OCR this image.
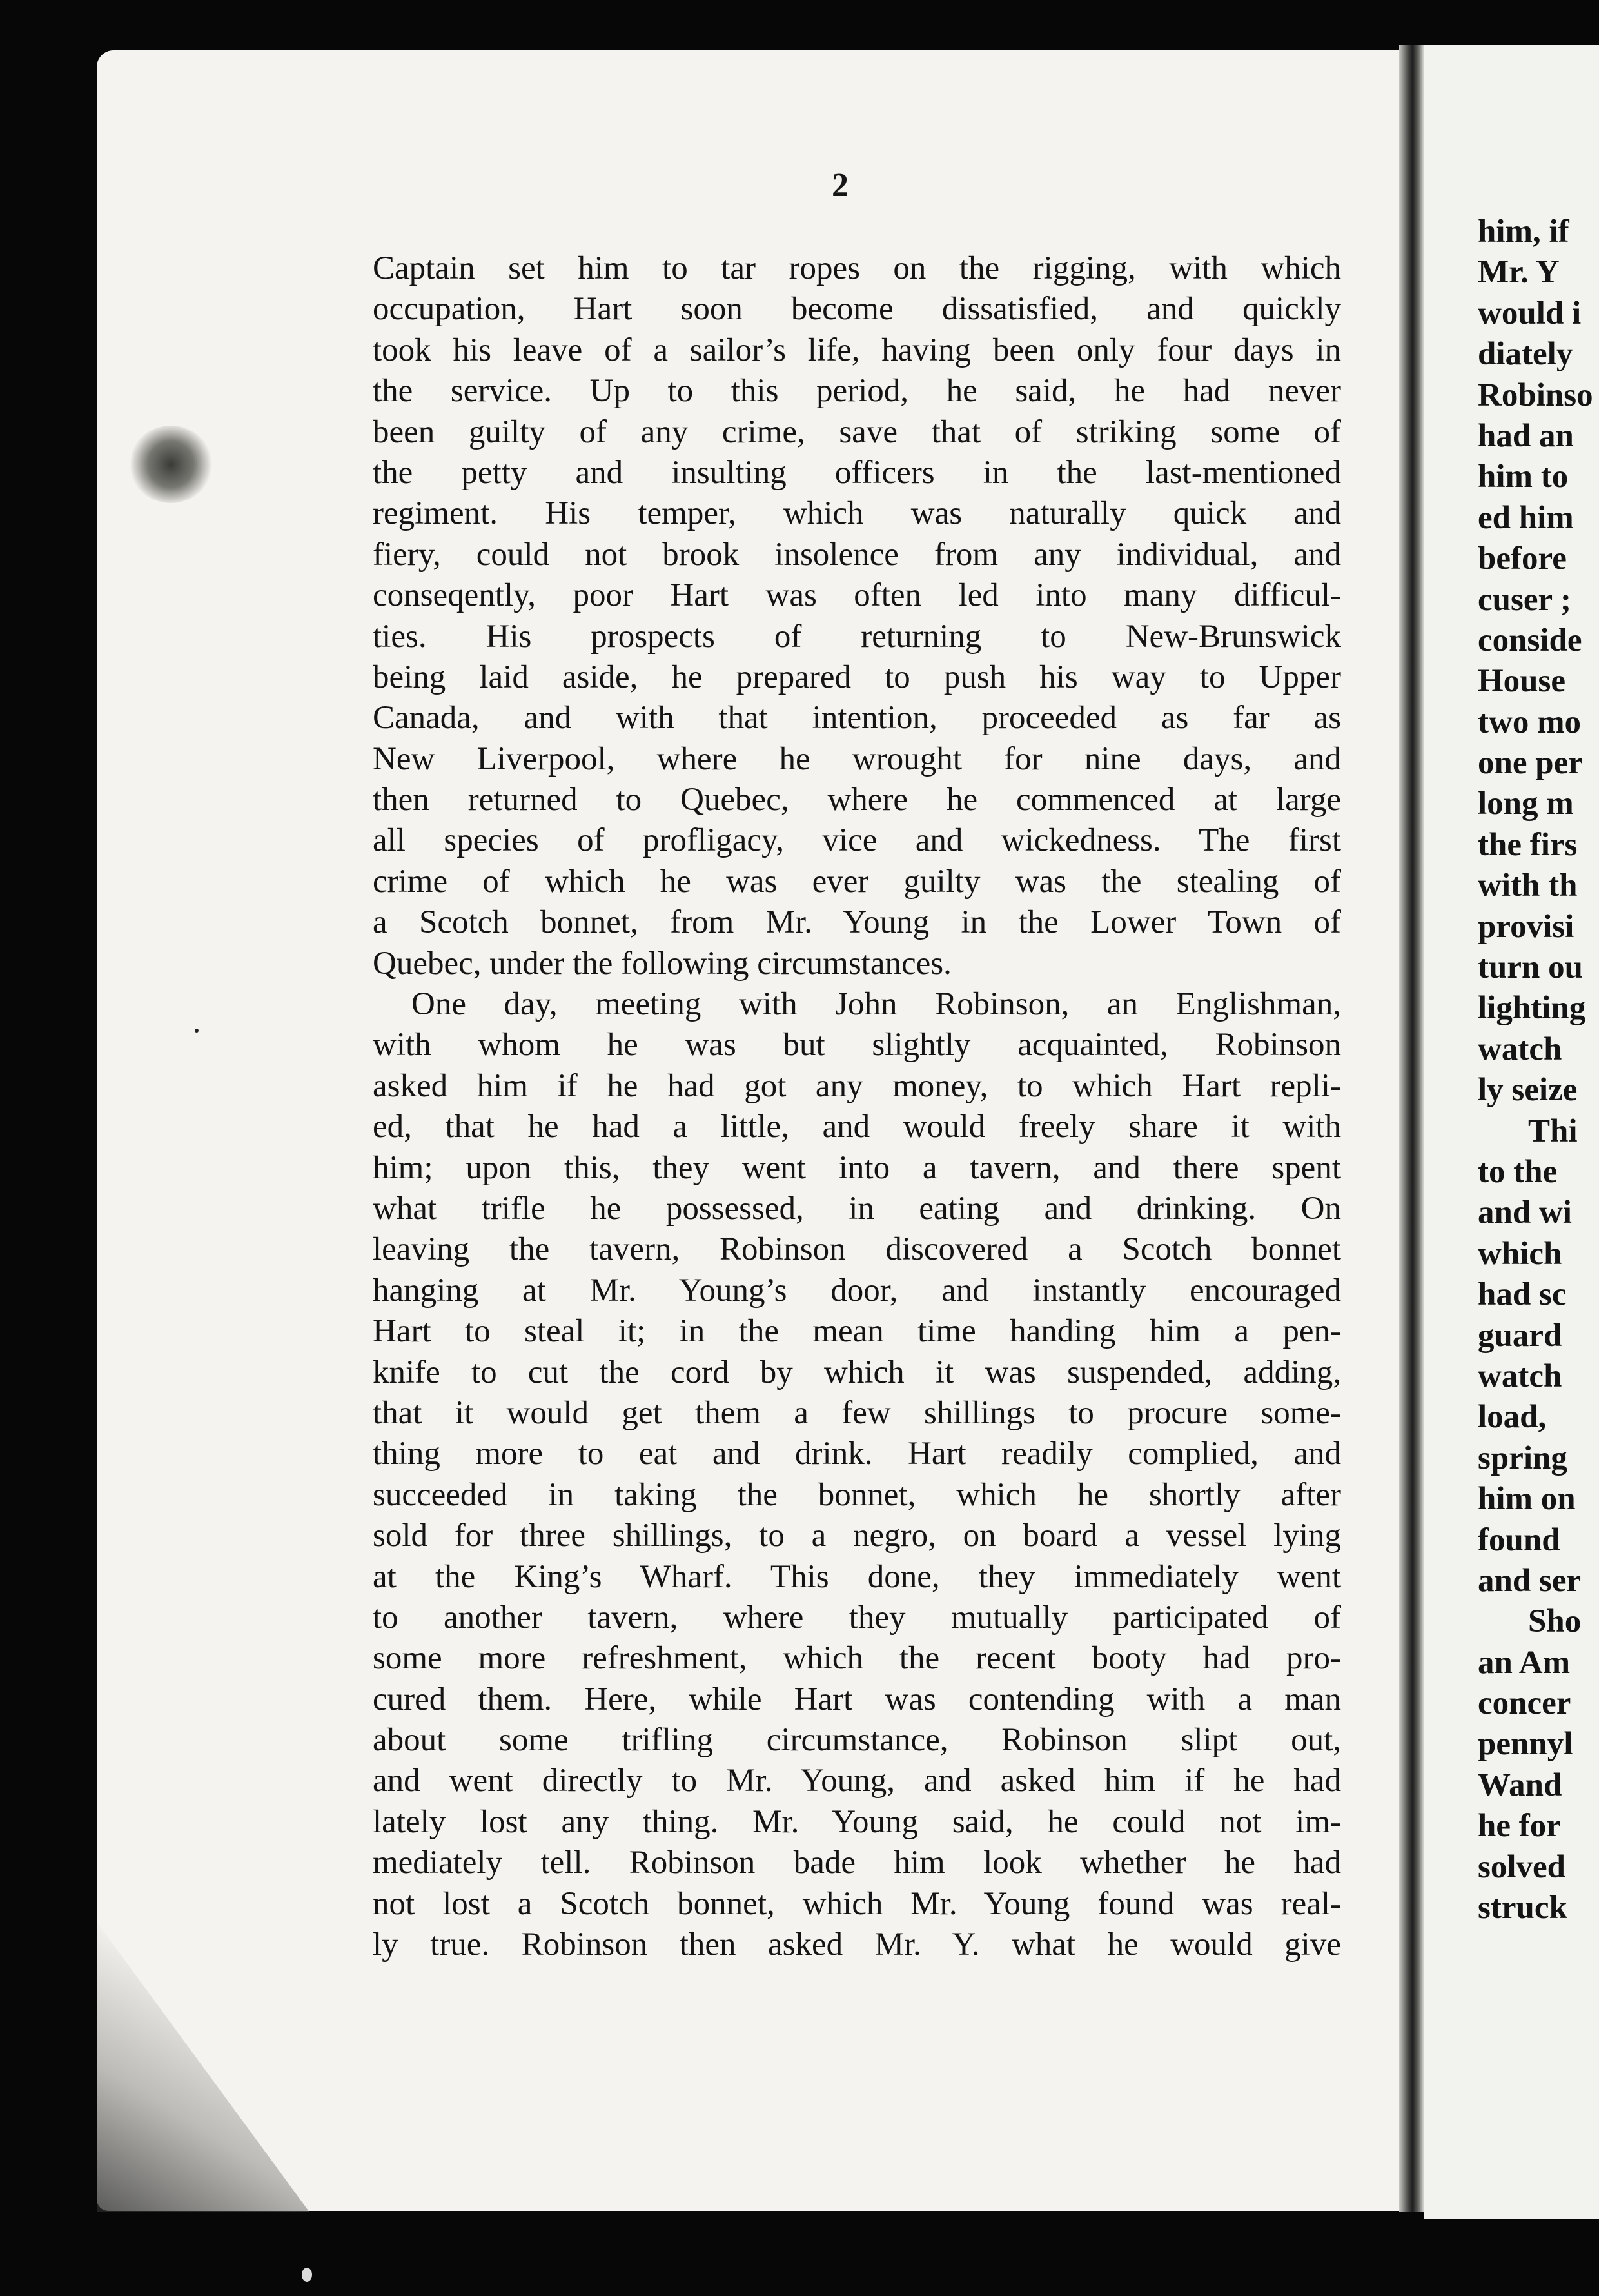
2
Captain set him to tar ropes on the rigging, with which
occupation, Hart soon become dissatisfied, and quickly
took his leave of a sailor’s life, having been only four days in
the service. Up to this period, he said, he had never
been guilty of any crime, save that of striking some of
the petty and insulting officers in the last-mentioned
regiment. His temper, which was naturally quick and
fiery, could not brook insolence from any individual, and
conseqently, poor Hart was often led into many difficul-
ties. His prospects of returning to New-Brunswick
being laid aside, he prepared to push his way to Upper
Canada, and with that intention, proceeded as far as
New Liverpool, where he wrought for nine days, and
then returned to Quebec, where he commenced at large
all species of profligacy, vice and wickedness. The first
crime of which he was ever guilty was the stealing of
a Scotch bonnet, from Mr. Young in the Lower Town of
Quebec, under the following circumstances.
One day, meeting with John Robinson, an Englishman,
with whom he was but slightly acquainted, Robinson
asked him if he had got any money, to which Hart repli-
ed, that he had a little, and would freely share it with
him; upon this, they went into a tavern, and there spent
what trifle he possessed, in eating and drinking. On
leaving the tavern, Robinson discovered a Scotch bonnet
hanging at Mr. Young’s door, and instantly encouraged
Hart to steal it; in the mean time handing him a pen-
knife to cut the cord by which it was suspended, adding,
that it would get them a few shillings to procure some-
thing more to eat and drink. Hart readily complied, and
succeeded in taking the bonnet, which he shortly after
sold for three shillings, to a negro, on board a vessel lying
at the King’s Wharf. This done, they immediately went
to another tavern, where they mutually participated of
some more refreshment, which the recent booty had pro-
cured them. Here, while Hart was contending with a man
about some trifling circumstance, Robinson slipt out,
and went directly to Mr. Young, and asked him if he had
lately lost any thing. Mr. Young said, he could not im-
mediately tell. Robinson bade him look whether he had
not lost a Scotch bonnet, which Mr. Young found was real-
ly true. Robinson then asked Mr. Y. what he would give
him, if
Mr. Y
would i
diately
Robinso
had an
him to
ed him
before
cuser ;
conside
House
two mo
one per
long m
the firs
with th
provisi
turn ou
lighting
watch
ly seize
Thi
to the
and wi
which
had sc
guard
watch
load,
spring
him on
found
and ser
Sho
an Am
concer
pennyl
Wand
he for
solved
struck
